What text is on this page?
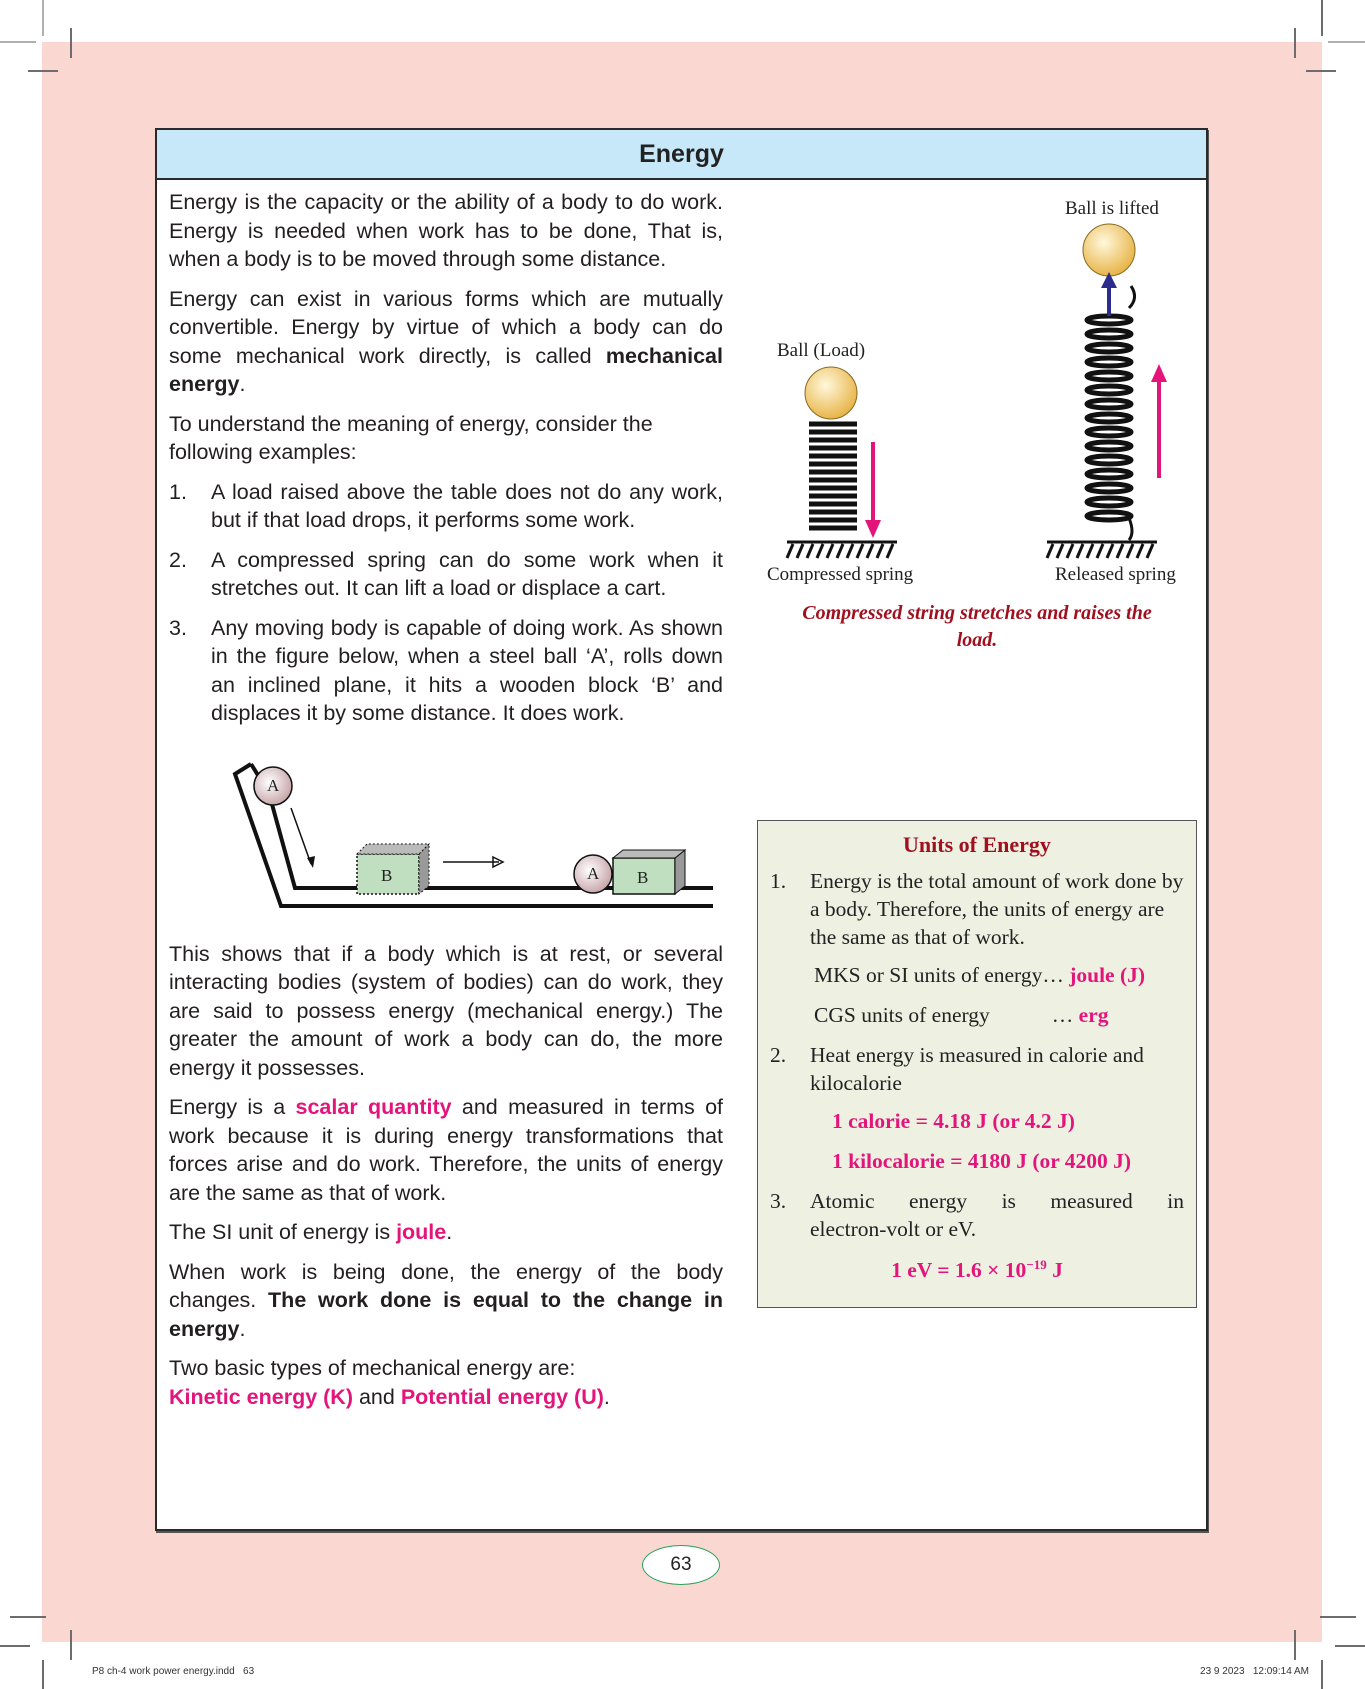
Energy

Energy is the capacity or the ability of a body to do work. Energy is needed when work has to be done, That is, when a body is to be moved through some distance.

Energy can exist in various forms which are mutually convertible. Energy by virtue of which a body can do some mechanical work directly, is called mechanical energy.

To understand the meaning of energy, consider the following examples:

1.	A load raised above the table does not do any work, but if that load drops, it performs some work.
2.	A compressed spring can do some work when it stretches out. It can lift a load or displace a cart.
3.	Any moving body is capable of doing work. As shown in the figure below, when a steel ball ‘A’, rolls down an inclined plane, it hits a wooden block ‘B’ and displaces it by some distance. It does work.
A
B	A B

This shows that if a body which is at rest, or several interacting bodies (system of bodies) can do work, they are said to possess energy (mechanical energy.) The greater the amount of work a body can do, the more energy it possesses.

Energy is a scalar quantity and measured in terms of work because it is during energy transformations that forces arise and do work. Therefore, the units of energy are the same as that of work.

The SI unit of energy is joule.

When work is being done, the energy of the body changes. The work done is equal to the change in energy.

Two basic types of mechanical energy are:
Kinetic energy (K) and Potential energy (U).

Ball is lifted
Ball (Load)
Compressed spring	Released spring
Compressed string stretches and raises the load.
Units of Energy
1.	Energy is the total amount of work done by a body. Therefore, the units of energy are the same as that of work.
MKS or SI units of energy… joule (J)
CGS units of energy	… erg
2.	Heat energy is measured in calorie and kilocalorie
1 calorie = 4.18 J (or 4.2 J)
1 kilocalorie = 4180 J (or 4200 J)
3.	Atomic energy is measured in
electron-volt or eV.
1 eV = $1.6 \times 10^{-19}$ J
63
P8 ch-4 work power energy.indd   63	23 9 2023   12:09:14 AM
